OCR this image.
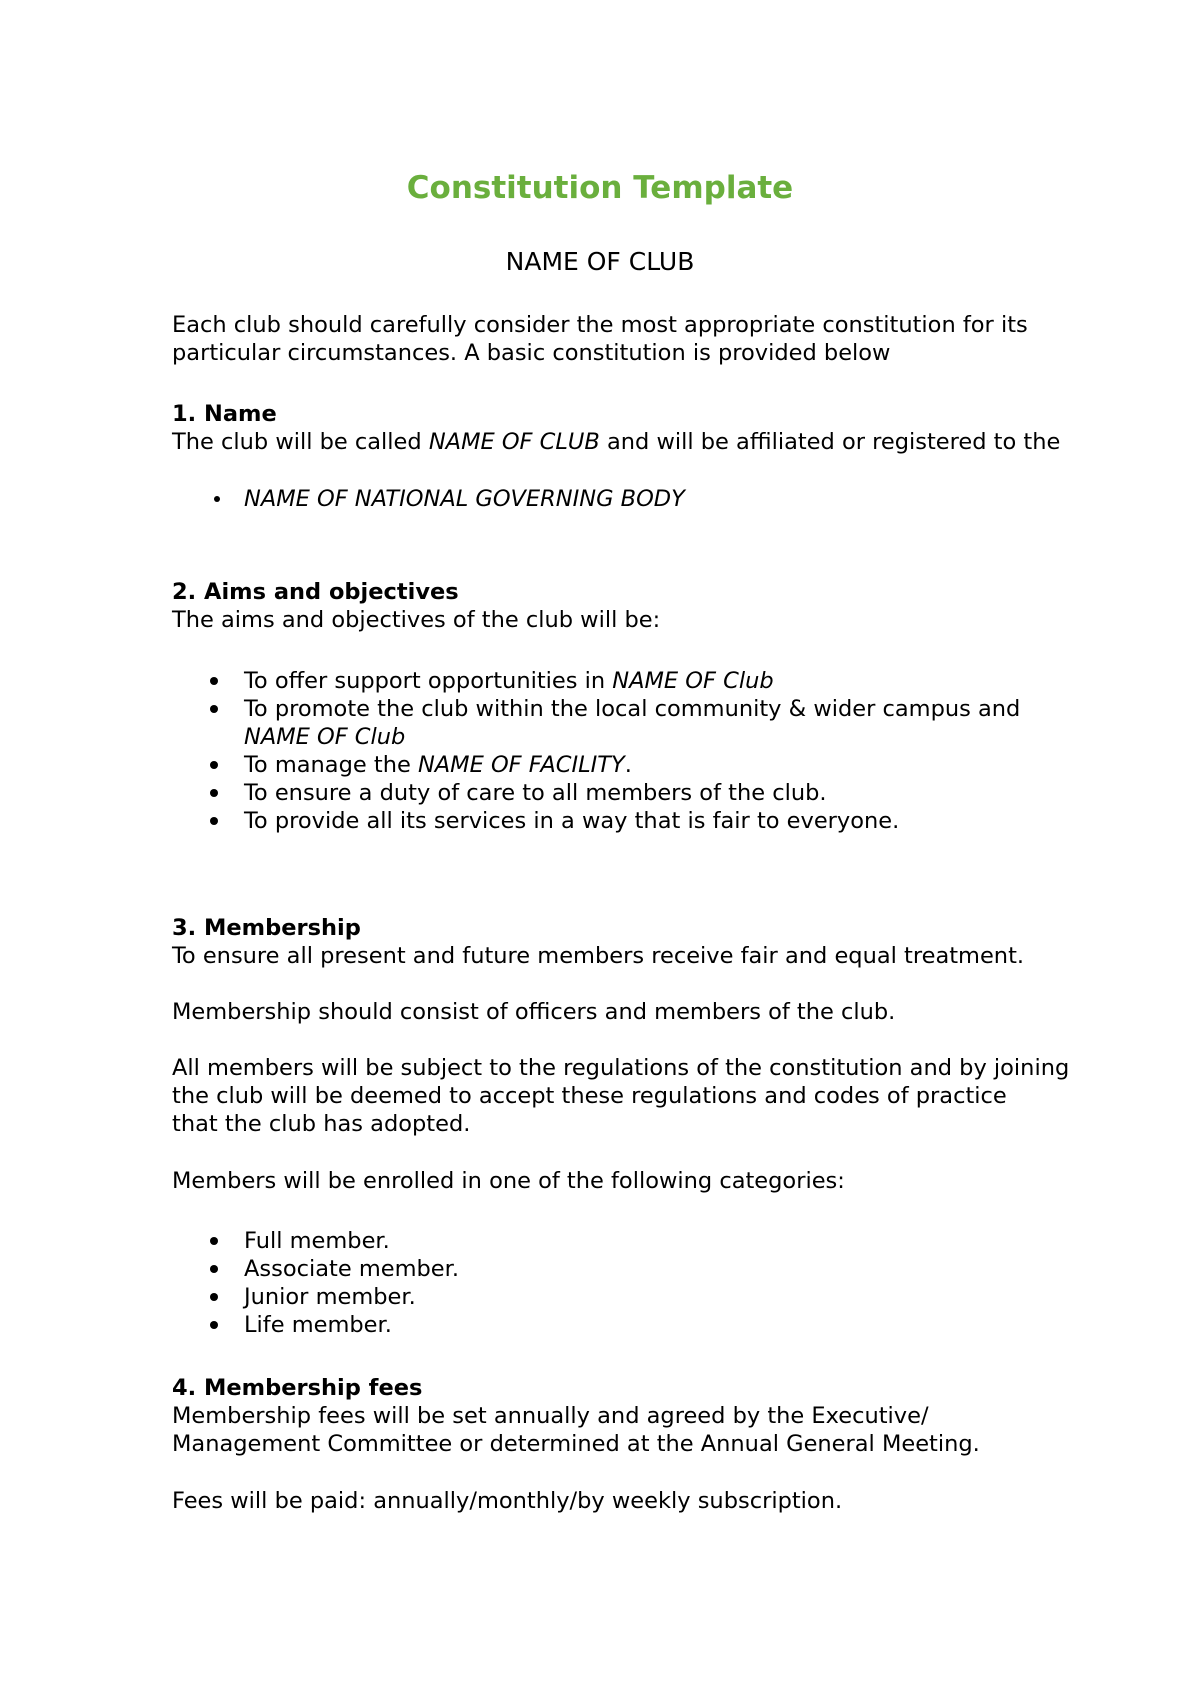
Constitution Template
NAME OF CLUB
Each club should carefully consider the most appropriate constitution for its
particular circumstances. A basic constitution is provided below
1. Name
The club will be called NAME OF CLUB and will be affiliated or registered to the
NAME OF NATIONAL GOVERNING BODY
2. Aims and objectives
The aims and objectives of the club will be:
To offer support opportunities in NAME OF Club
To promote the club within the local community & wider campus and
NAME OF Club
To manage the NAME OF FACILITY.
To ensure a duty of care to all members of the club.
To provide all its services in a way that is fair to everyone.
3. Membership
To ensure all present and future members receive fair and equal treatment.
Membership should consist of officers and members of the club.
All members will be subject to the regulations of the constitution and by joining
the club will be deemed to accept these regulations and codes of practice
that the club has adopted.
Members will be enrolled in one of the following categories:
Full member.
Associate member.
Junior member.
Life member.
4. Membership fees
Membership fees will be set annually and agreed by the Executive/
Management Committee or determined at the Annual General Meeting.
Fees will be paid: annually/monthly/by weekly subscription.
